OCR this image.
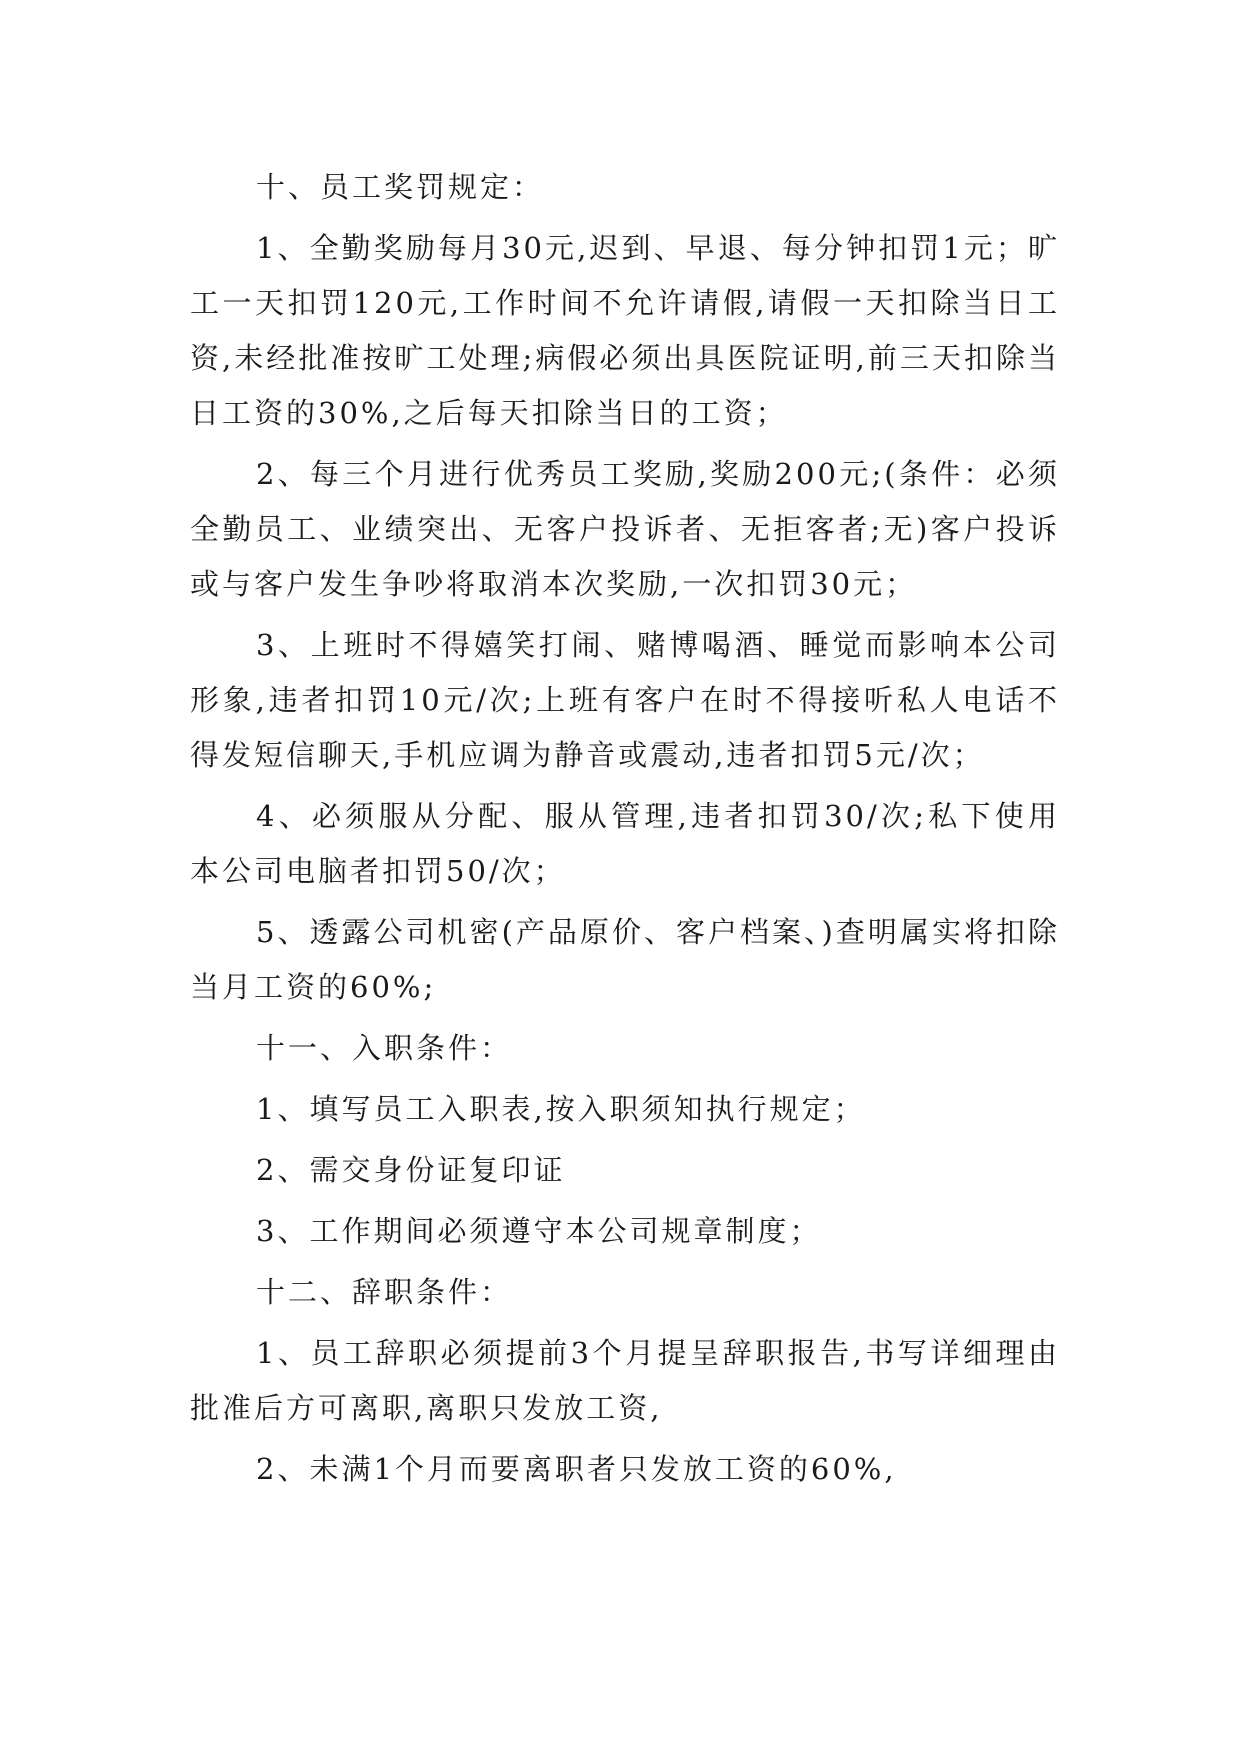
十、员工奖罚规定：

1、全勤奖励每月30元,迟到、早退、每分钟扣罚1元；旷工一天扣罚120元,工作时间不允许请假,请假一天扣除当日工 资,未经批准按旷工处理;病假必须出具医院证明,前三天扣除当日工资的30%,之后每天扣除当日的工资；

2、每三个月进行优秀员工奖励,奖励200元;(条件：必须全勤员工、业绩突出、无客户投诉者、无拒客者;无)客户投诉或与客户发生争吵将取消本次奖励,一次扣罚30元；

3、上班时不得嬉笑打闹、赌博喝酒、睡觉而影响本公司形象,违者扣罚10元/次;上班有客户在时不得接听私人电话不得发短信聊天,手机应调为静音或震动,违者扣罚5元/次；

4、必须服从分配、服从管理,违者扣罚30/次;私下使用本公司电脑者扣罚50/次；

5、透露公司机密(产品原价、客户档案、)查明属实将扣除当月工资的60%;

十一、入职条件：

1、填写员工入职表,按入职须知执行规定；

2、需交身份证复印证

3、工作期间必须遵守本公司规章制度；

十二、辞职条件：

1、员工辞职必须提前3个月提呈辞职报告,书写详细理由批准后方可离职,离职只发放工资,

2、未满1个月而要离职者只发放工资的60%,
